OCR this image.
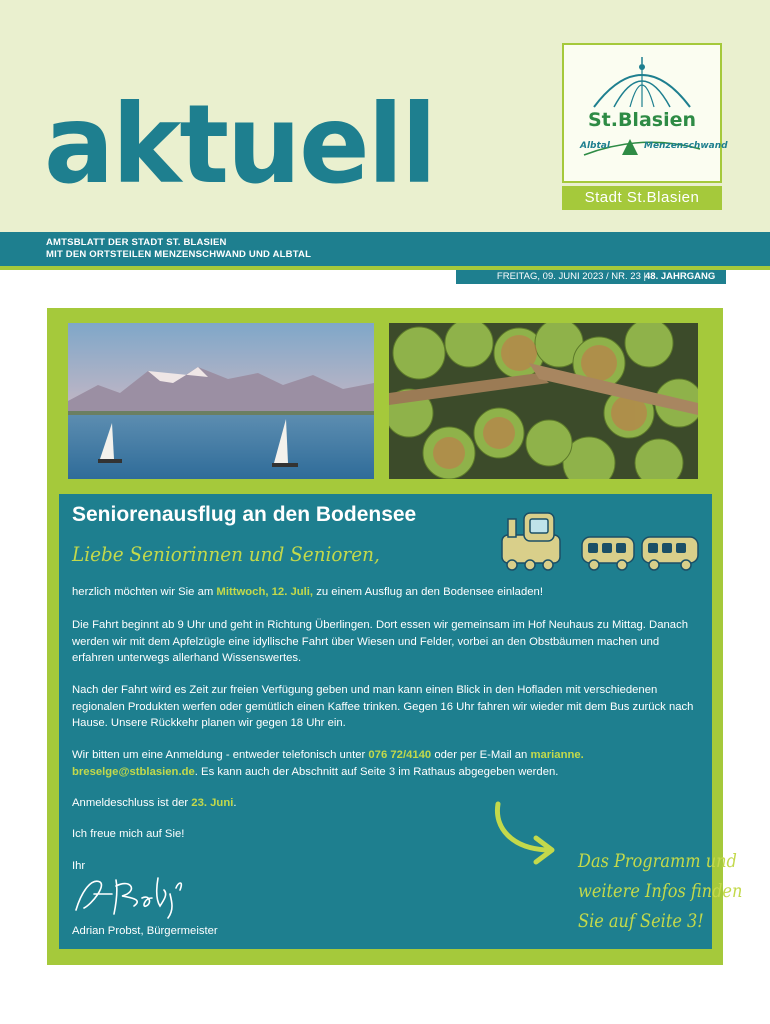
aktuell	St.Blasien
Albtal	Menzenschwand
Stadt St.Blasien
AMTSBLATT DER STADT ST. BLASIEN
MIT DEN ORTSTEILEN MENZENSCHWAND UND ALBTAL
FREITAG, 09. JUNI 2023 / NR. 23 | 48. JAHRGANG
Seniorenausflug an den Bodensee
Liebe Seniorinnen und Senioren,
herzlich möchten wir Sie am Mittwoch, 12. Juli, zu einem Ausflug an den Bodensee einladen!
Die Fahrt beginnt ab 9 Uhr und geht in Richtung Überlingen. Dort essen wir gemeinsam im Hof Neuhaus zu Mittag. Danach werden wir mit dem Apfelzügle eine idyllische Fahrt über Wiesen und Felder, vorbei an den Obstbäumen machen und erfahren unterwegs allerhand Wissenswertes.
Nach der Fahrt wird es Zeit zur freien Verfügung geben und man kann einen Blick in den Hofladen mit verschiedenen regionalen Produkten werfen oder gemütlich einen Kaffee trinken. Gegen 16 Uhr fahren wir wieder mit dem Bus zurück nach Hause. Unsere Rückkehr planen wir gegen 18 Uhr ein.
Wir bitten um eine Anmeldung - entweder telefonisch unter 076 72/4140 oder per E-Mail an marianne.​breselge@stblasien.de. Es kann auch der Abschnitt auf Seite 3 im Rathaus abgegeben werden.
Anmeldeschluss ist der 23. Juni.
Ich freue mich auf Sie!
Ihr
Adrian Probst, Bürgermeister
Das Programm und
weitere Infos finden
Sie auf Seite 3!
